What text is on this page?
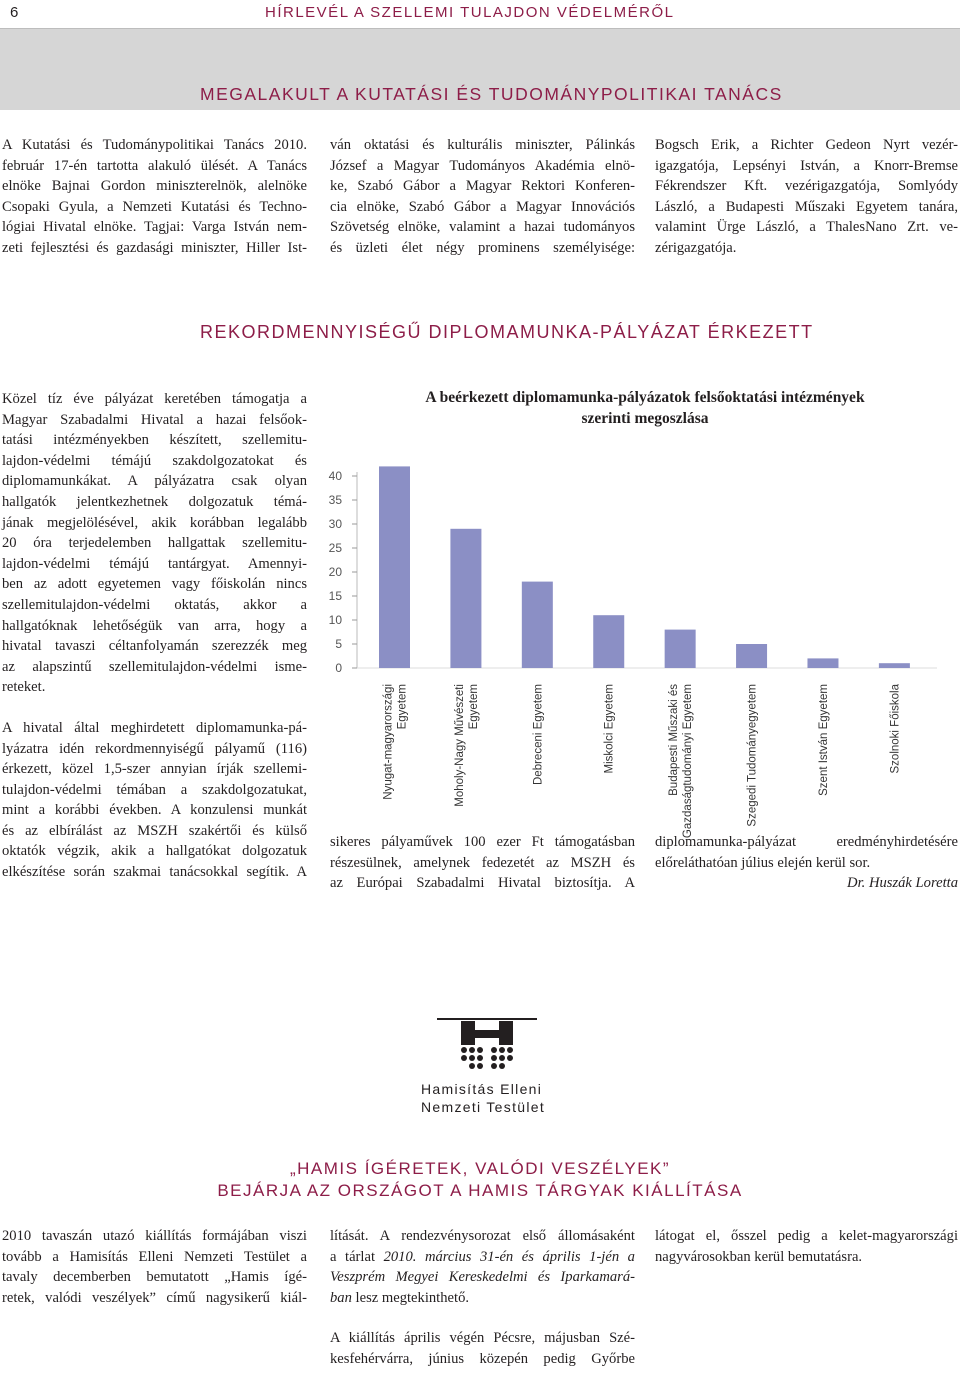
6	HÍRLEVÉL A SZELLEMI TULAJDON VÉDELMÉRŐL
MEGALAKULT A KUTATÁSI ÉS TUDOMÁNYPOLITIKAI TANÁCS

A Kutatási és Tudománypolitikai Tanács 2010.

február 17-én tartotta alakuló ülését. A Tanács

elnöke Bajnai Gordon miniszterelnök, alelnöke

Csopaki Gyula, a Nemzeti Kutatási és Techno-

lógiai Hivatal elnöke. Tagjai: Varga István nem-

zeti fejlesztési és gazdasági miniszter, Hiller Ist-

ván oktatási és kulturális miniszter, Pálinkás

József a Magyar Tudományos Akadémia elnö-

ke, Szabó Gábor a Magyar Rektori Konferen-

cia elnöke, Szabó Gábor a Magyar Innovációs

Szövetség elnöke, valamint a hazai tudományos

és üzleti élet négy prominens személyisége:

Bogsch Erik, a Richter Gedeon Nyrt vezér-

igazgatója, Lepsényi István, a Knorr-Bremse

Fékrendszer Kft. vezérigazgatója, Somlyódy

László, a Budapesti Műszaki Egyetem tanára,

valamint Ürge László, a ThalesNano Zrt. ve-

zérigazgatója.

REKORDMENNYISÉGŰ DIPLOMAMUNKA-PÁLYÁZAT ÉRKEZETT

Közel tíz éve pályázat keretében támogatja a

Magyar Szabadalmi Hivatal a hazai felsőok-

tatási intézményekben készített, szellemitu-

lajdon-védelmi témájú szakdolgozatokat és

diplomamunkákat. A pályázatra csak olyan

hallgatók jelentkezhetnek dolgozatuk témá-

jának megjelölésével, akik korábban legalább

20 óra terjedelemben hallgattak szellemitu-

lajdon-védelmi témájú tantárgyat. Amennyi-

ben az adott egyetemen vagy főiskolán nincs

szellemitulajdon-védelmi oktatás, akkor a

hallgatóknak lehetőségük van arra, hogy a

hivatal tavaszi céltanfolyamán szerezzék meg

az alapszintű szellemitulajdon-védelmi isme-

reteket.

A hivatal által meghirdetett diplomamunka-pá-

lyázatra idén rekordmennyiségű pályamű (116)

érkezett, közel 1,5-szer annyian írják szellemi-

tulajdon-védelmi témában a szakdolgozatukat,

mint a korábbi években. A konzulensi munkát

és az elbírálást az MSZH szakértői és külső

oktatók végzik, akik a hallgatókat dolgozatuk

elkészítése során szakmai tanácsokkal segítik. A

A beérkezett diplomamunka-pályázatok felsőoktatási intézmények
szerinti megoszlása
0
5
10
15
20
25
30
35
40
Nyugat-magyarországi Egyetem	Moholy-Nagy Művészeti Egyetem	Debreceni Egyetem	Miskolci Egyetem	Budapesti Műszaki és Gazdaságtudományi Egyetem	Szegedi Tudományegyetem	Szent István Egyetem	Szolnoki Főiskola

sikeres pályaművek 100 ezer Ft támogatásban

részesülnek, amelynek fedezetét az MSZH és

az Európai Szabadalmi Hivatal biztosítja. A

diplomamunka-pályázat eredményhirdetésére

előreláthatóan július elején kerül sor.

Dr. Huszák Loretta

Hamisítás Elleni
Nemzeti Testület
„HAMIS ÍGÉRETEK, VALÓDI VESZÉLYEK”
BEJÁRJA AZ ORSZÁGOT A HAMIS TÁRGYAK KIÁLLÍTÁSA

2010 tavaszán utazó kiállítás formájában viszi

tovább a Hamisítás Elleni Nemzeti Testület a

tavaly decemberben bemutatott „Hamis ígé-

retek, valódi veszélyek” című nagysikerű kiál-

lítását. A rendezvénysorozat első állomásaként

a tárlat 2010. március 31-én és április 1-jén a

Veszprém Megyei Kereskedelmi és Iparkamará-

ban lesz megtekinthető.

A kiállítás április végén Pécsre, májusban Szé-

kesfehérvárra, június közepén pedig Győrbe

látogat el, ősszel pedig a kelet-magyarországi

nagyvárosokban kerül bemutatásra.
